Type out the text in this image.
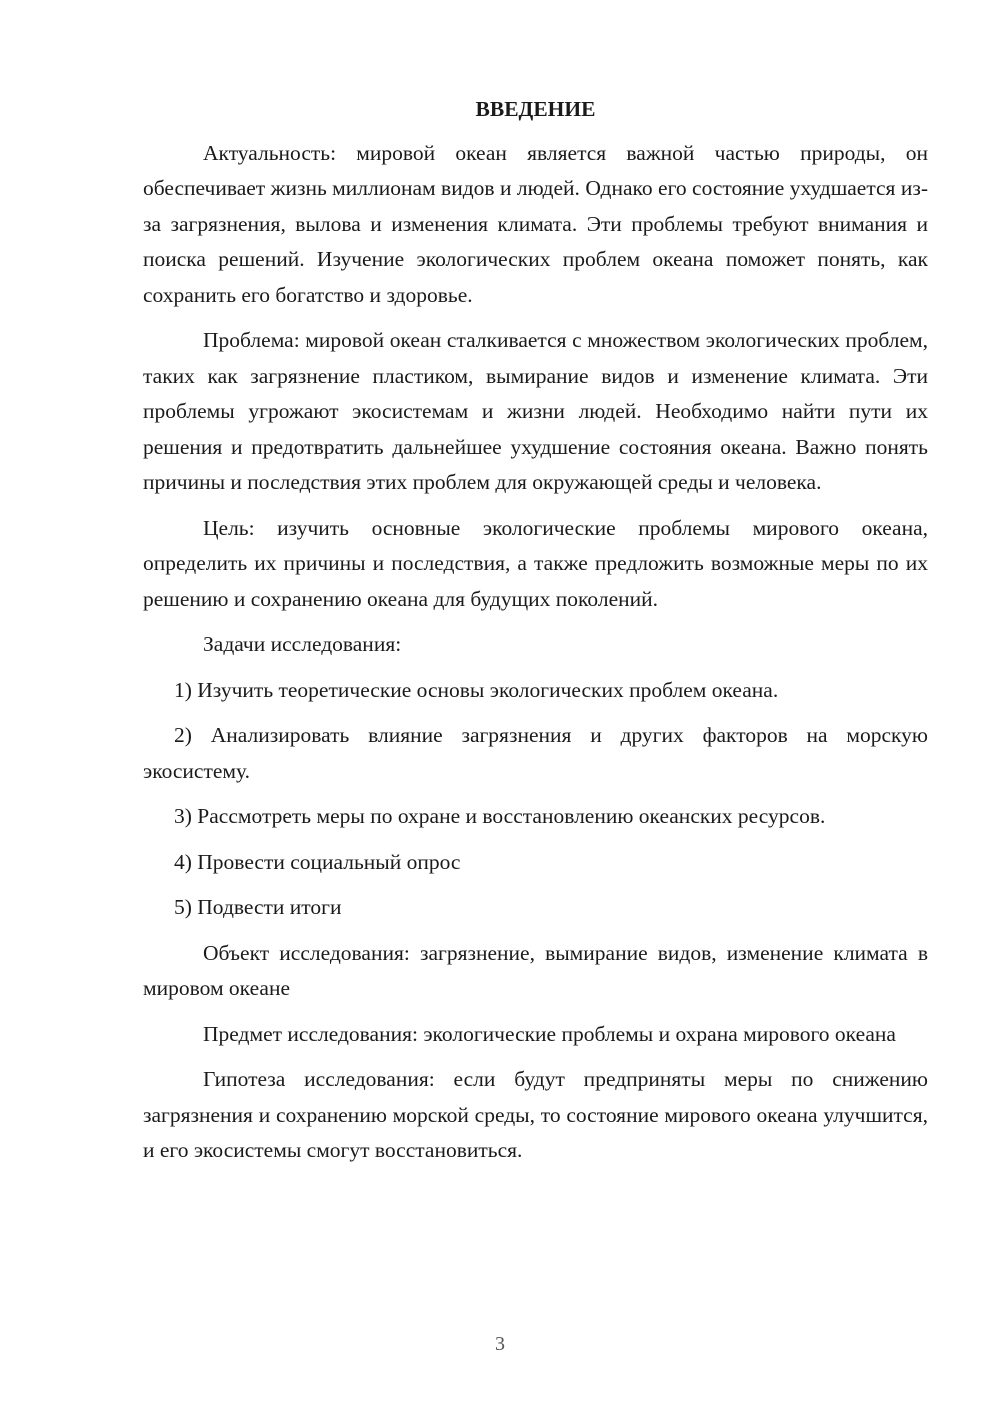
ВВЕДЕНИЕ

Актуальность: мировой океан является важной частью природы, он обеспечивает жизнь миллионам видов и людей. Однако его состояние ухудшается из-за загрязнения, вылова и изменения климата. Эти проблемы требуют внимания и поиска решений. Изучение экологических проблем океана поможет понять, как сохранить его богатство и здоровье.

Проблема: мировой океан сталкивается с множеством экологических проблем, таких как загрязнение пластиком, вымирание видов и изменение климата. Эти проблемы угрожают экосистемам и жизни людей. Необходимо найти пути их решения и предотвратить дальнейшее ухудшение состояния океана. Важно понять причины и последствия этих проблем для окружающей среды и человека.

Цель: изучить основные экологические проблемы мирового океана, определить их причины и последствия, а также предложить возможные меры по их решению и сохранению океана для будущих поколений.

Задачи исследования:

1) Изучить теоретические основы экологических проблем океана.

2) Анализировать влияние загрязнения и других факторов на морскую экосистему.

3) Рассмотреть меры по охране и восстановлению океанских ресурсов.

4) Провести социальный опрос

5) Подвести итоги

Объект исследования: загрязнение, вымирание видов, изменение климата в мировом океане

Предмет исследования: экологические проблемы и охрана мирового океана

Гипотеза исследования: если будут предприняты меры по снижению загрязнения и сохранению морской среды, то состояние мирового океана улучшится, и его экосистемы смогут восстановиться.

3
